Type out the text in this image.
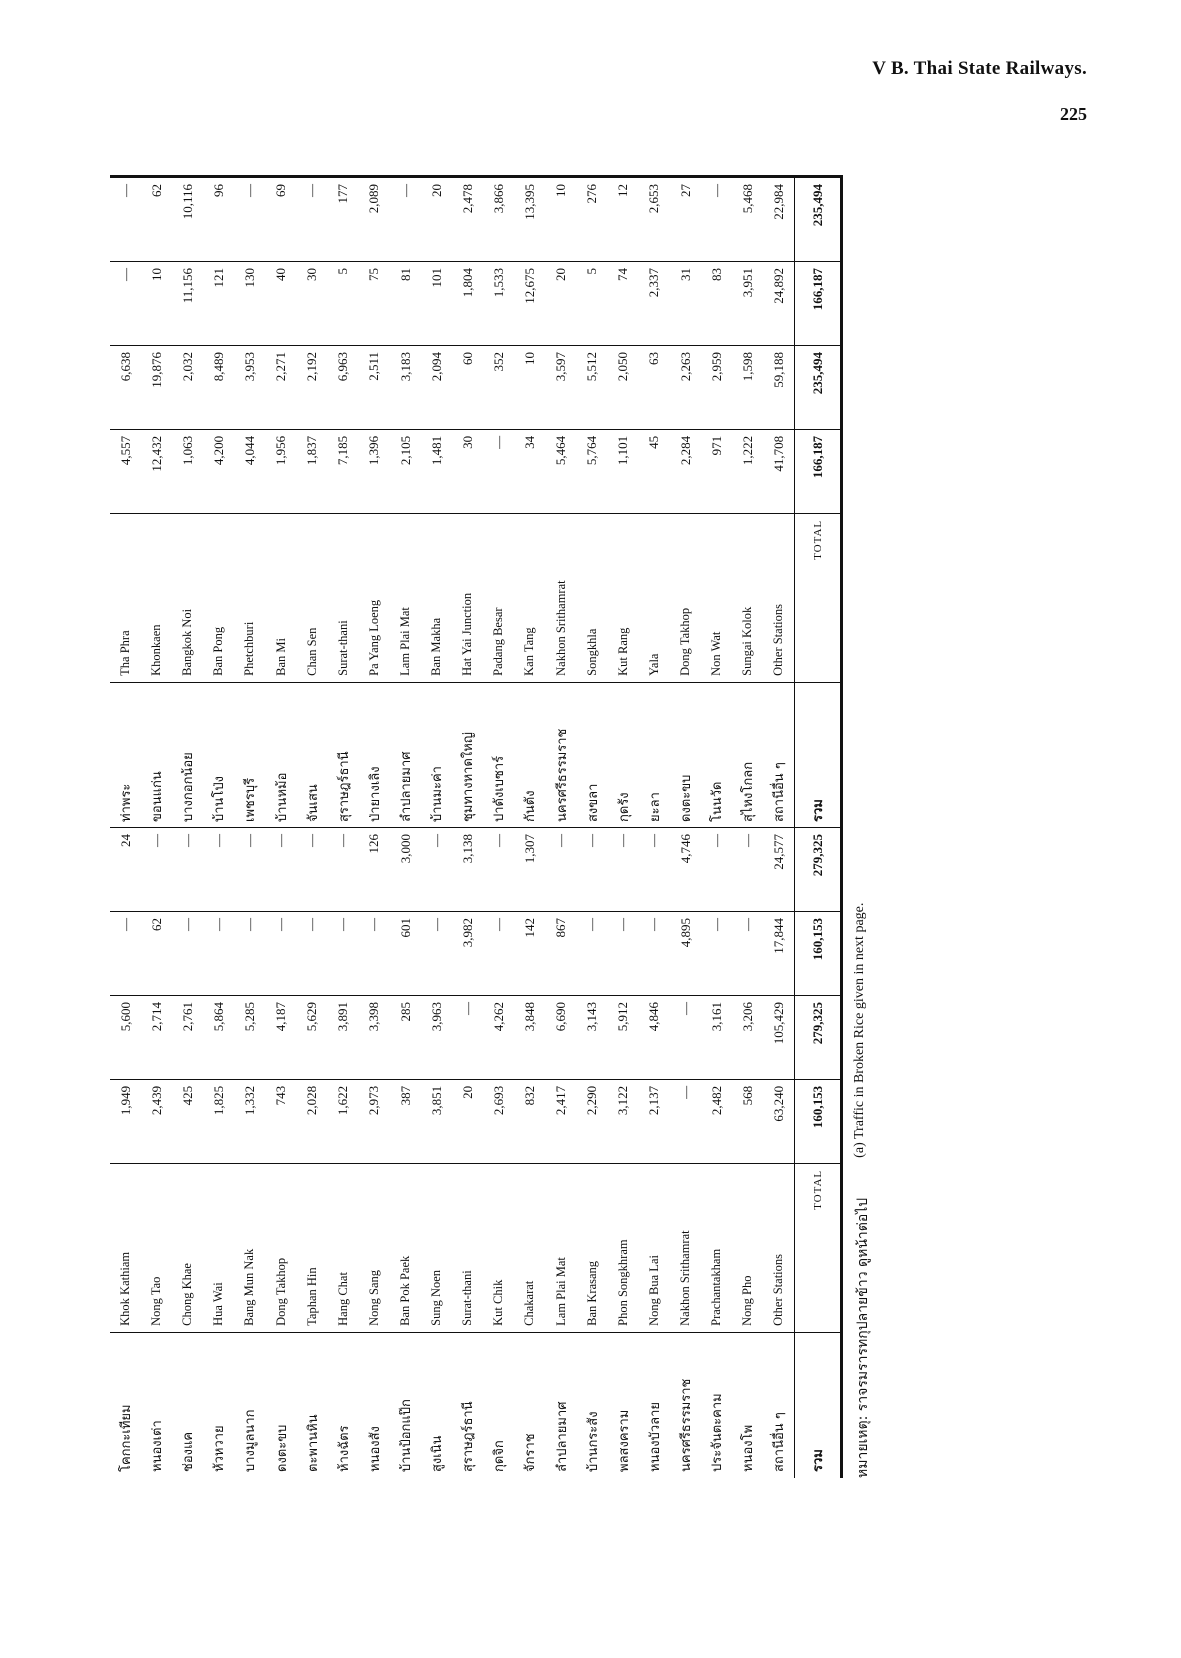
V B. Thai State Railways.
225
โคกกะเทียม	Khok Kathiam	1,949	5,600	—	24
หนองเต่า	Nong Tao	2,439	2,714	62	—
ช่องแค	Chong Khae	425	2,761	—	—
หัวหวาย	Hua Wai	1,825	5,864	—	—
บางมูลนาก	Bang Mun Nak	1,332	5,285	—	—
ดงตะขบ	Dong Takhop	743	4,187	—	—
ตะพานหิน	Taphan Hin	2,028	5,629	—	—
ห้างฉัตร	Hang Chat	1,622	3,891	—	—
หนองสัง	Nong Sang	2,973	3,398	—	126
บ้านป้อกแป๊ก	Ban Pok Paek	387	285	601	3,000
สูงเนิน	Sung Noen	3,851	3,963	—	—
สุราษฎร์ธานี	Surat-thani	20	—	3,982	3,138
กุดจิก	Kut Chik	2,693	4,262	—	—
จักราช	Chakarat	832	3,848	142	1,307
ลำปลายมาศ	Lam Plai Mat	2,417	6,690	867	—
บ้านกระสัง	Ban Krasang	2,290	3,143	—	—
พลสงคราม	Phon Songkhram	3,122	5,912	—	—
หนองบัวลาย	Nong Bua Lai	2,137	4,846	—	—
นครศรีธรรมราช	Nakhon Srithamrat	—	—	4,895	4,746
ประจันตะคาม	Prachantakham	2,482	3,161	—	—
หนองโพ	Nong Pho	568	3,206	—	—
สถานีอื่น ๆ	Other Stations	63,240	105,429	17,844	24,577
รวม	TOTAL	160,153	279,325	160,153	279,325
ท่าพระ	Tha Phra	4,557	6,638	—	—
ขอนแก่น	Khonkaen	12,432	19,876	10	62
บางกอกน้อย	Bangkok Noi	1,063	2,032	11,156	10,116
บ้านโป่ง	Ban Pong	4,200	8,489	121	96
เพชรบุรี	Phetchburi	4,044	3,953	130	—
บ้านหม้อ	Ban Mi	1,956	2,271	40	69
จันเสน	Chan Sen	1,837	2,192	30	—
สุราษฎร์ธานี	Surat-thani	7,185	6,963	5	177
ป่ายางเลิง	Pa Yang Loeng	1,396	2,511	75	2,089
ลำปลายมาศ	Lam Plai Mat	2,105	3,183	81	—
บ้านมะค่า	Ban Makha	1,481	2,094	101	20
ชุมทางหาดใหญ่	Hat Yai Junction	30	60	1,804	2,478
ปาดังเบซาร์	Padang Besar	—	352	1,533	3,866
กันตัง	Kan Tang	34	10	12,675	13,395
นครศรีธรรมราช	Nakhon Srithamrat	5,464	3,597	20	10
สงขลา	Songkhla	5,764	5,512	5	276
กุดรัง	Kut Rang	1,101	2,050	74	12
ยะลา	Yala	45	63	2,337	2,653
ดงตะขบ	Dong Takhop	2,284	2,263	31	27
โนนวัด	Non Wat	971	2,959	83	—
สุไหงโกลก	Sungai Kolok	1,222	1,598	3,951	5,468
สถานีอื่น ๆ	Other Stations	41,708	59,188	24,892	22,984
รวม	TOTAL	166,187	235,494	166,187	235,494
หมายเหตุ: ราจรมรารทกุปลายข้าว ดูหน้าต่อไป
(a) Traffic in Broken Rice given in next page.
